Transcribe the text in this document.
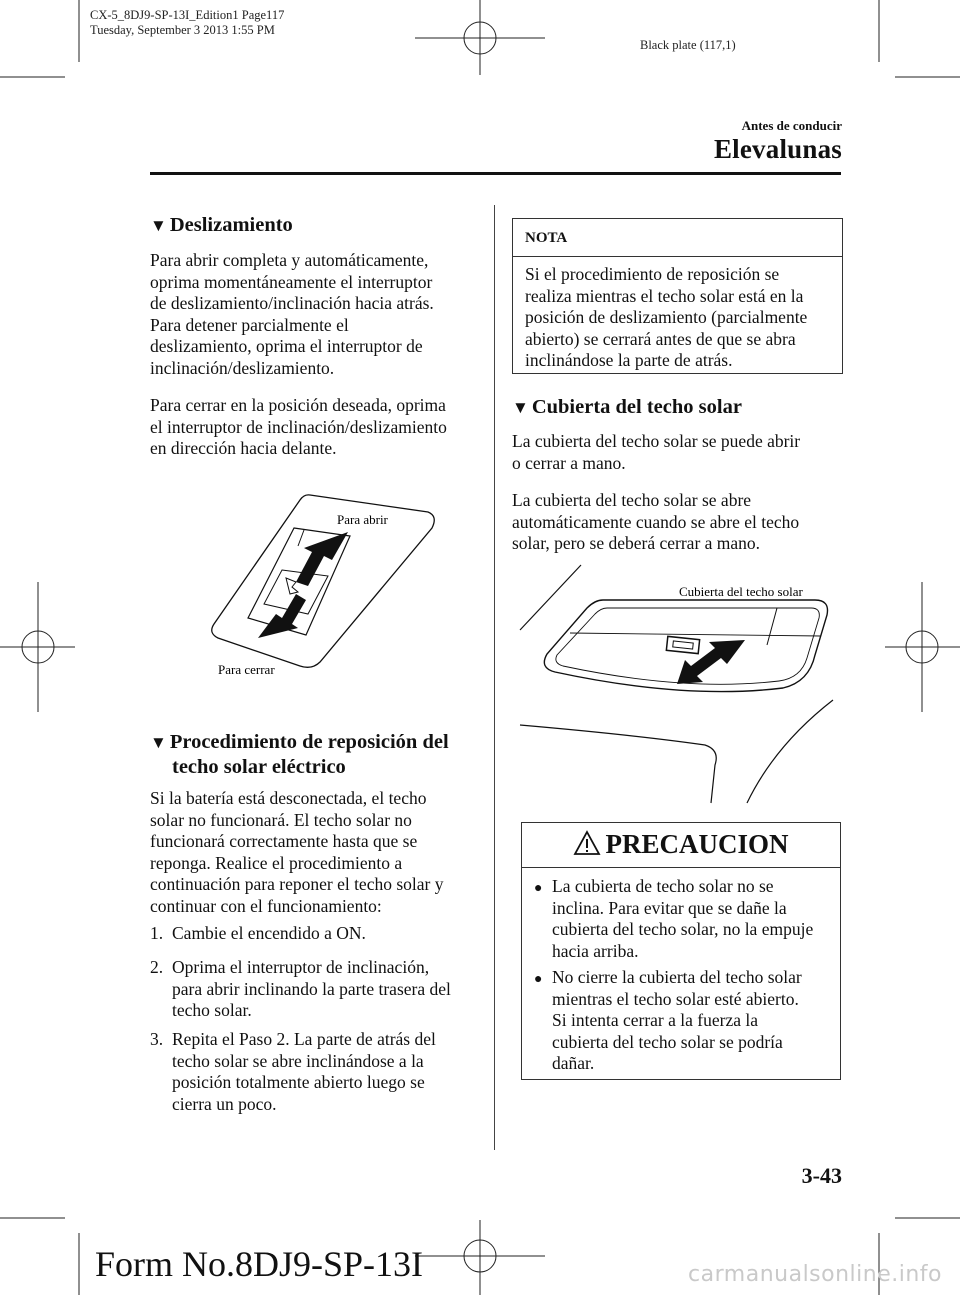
CX-5_8DJ9-SP-13I_Edition1 Page117
Tuesday, September 3 2013 1:55 PM
Black plate (117,1)
Antes de conducir
Elevalunas
▼ Deslizamiento
Para abrir completa y automáticamente,
oprima momentáneamente el interruptor
de deslizamiento/inclinación hacia atrás.
Para detener parcialmente el
deslizamiento, oprima el interruptor de
inclinación/deslizamiento.
Para cerrar en la posición deseada, oprima
el interruptor de inclinación/deslizamiento
en dirección hacia delante.
Para abrir
Para cerrar
▼ Procedimiento de reposición del
techo solar eléctrico
Si la batería está desconectada, el techo
solar no funcionará. El techo solar no
funcionará correctamente hasta que se
reponga. Realice el procedimiento a
continuación para reponer el techo solar y
continuar con el funcionamiento:
1. Cambie el encendido a ON.
2. Oprima el interruptor de inclinación,
para abrir inclinando la parte trasera del
techo solar.
3. Repita el Paso 2. La parte de atrás del
techo solar se abre inclinándose a la
posición totalmente abierto luego se
cierra un poco.
NOTA
Si el procedimiento de reposición se
realiza mientras el techo solar está en la
posición de deslizamiento (parcialmente
abierto) se cerrará antes de que se abra
inclinándose la parte de atrás.
▼ Cubierta del techo solar
La cubierta del techo solar se puede abrir
o cerrar a mano.
La cubierta del techo solar se abre
automáticamente cuando se abre el techo
solar, pero se deberá cerrar a mano.
Cubierta del techo solar
PRECAUCION
● La cubierta de techo solar no se
inclina. Para evitar que se dañe la
cubierta del techo solar, no la empuje
hacia arriba.
● No cierre la cubierta del techo solar
mientras el techo solar esté abierto.
Si intenta cerrar a la fuerza la
cubierta del techo solar se podría
dañar.
3-43
Form No.8DJ9-SP-13I	carmanualsonline.info
